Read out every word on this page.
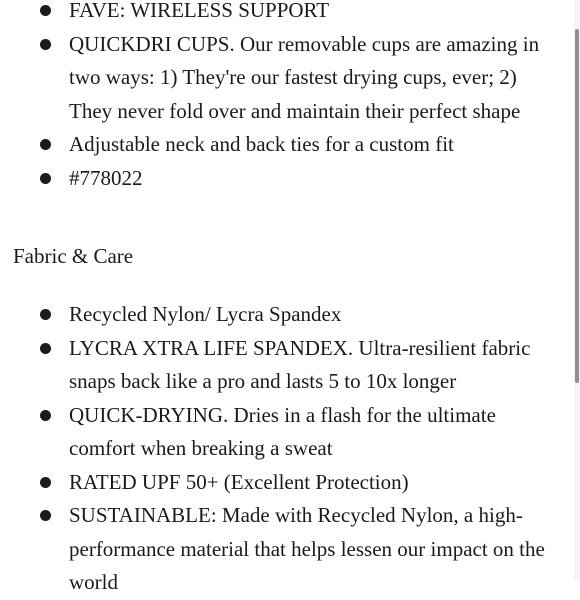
FAVE: WIRELESS SUPPORT
QUICKDRI CUPS. Our removable cups are amazing in two ways: 1) They're our fastest drying cups, ever; 2) They never fold over and maintain their perfect shape
Adjustable neck and back ties for a custom fit
#778022
Fabric & Care
Recycled Nylon/ Lycra Spandex
LYCRA XTRA LIFE SPANDEX. Ultra-resilient fabric snaps back like a pro and lasts 5 to 10x longer
QUICK-DRYING. Dries in a flash for the ultimate comfort when breaking a sweat
RATED UPF 50+ (Excellent Protection)
SUSTAINABLE: Made with Recycled Nylon, a high-performance material that helps lessen our impact on the world
